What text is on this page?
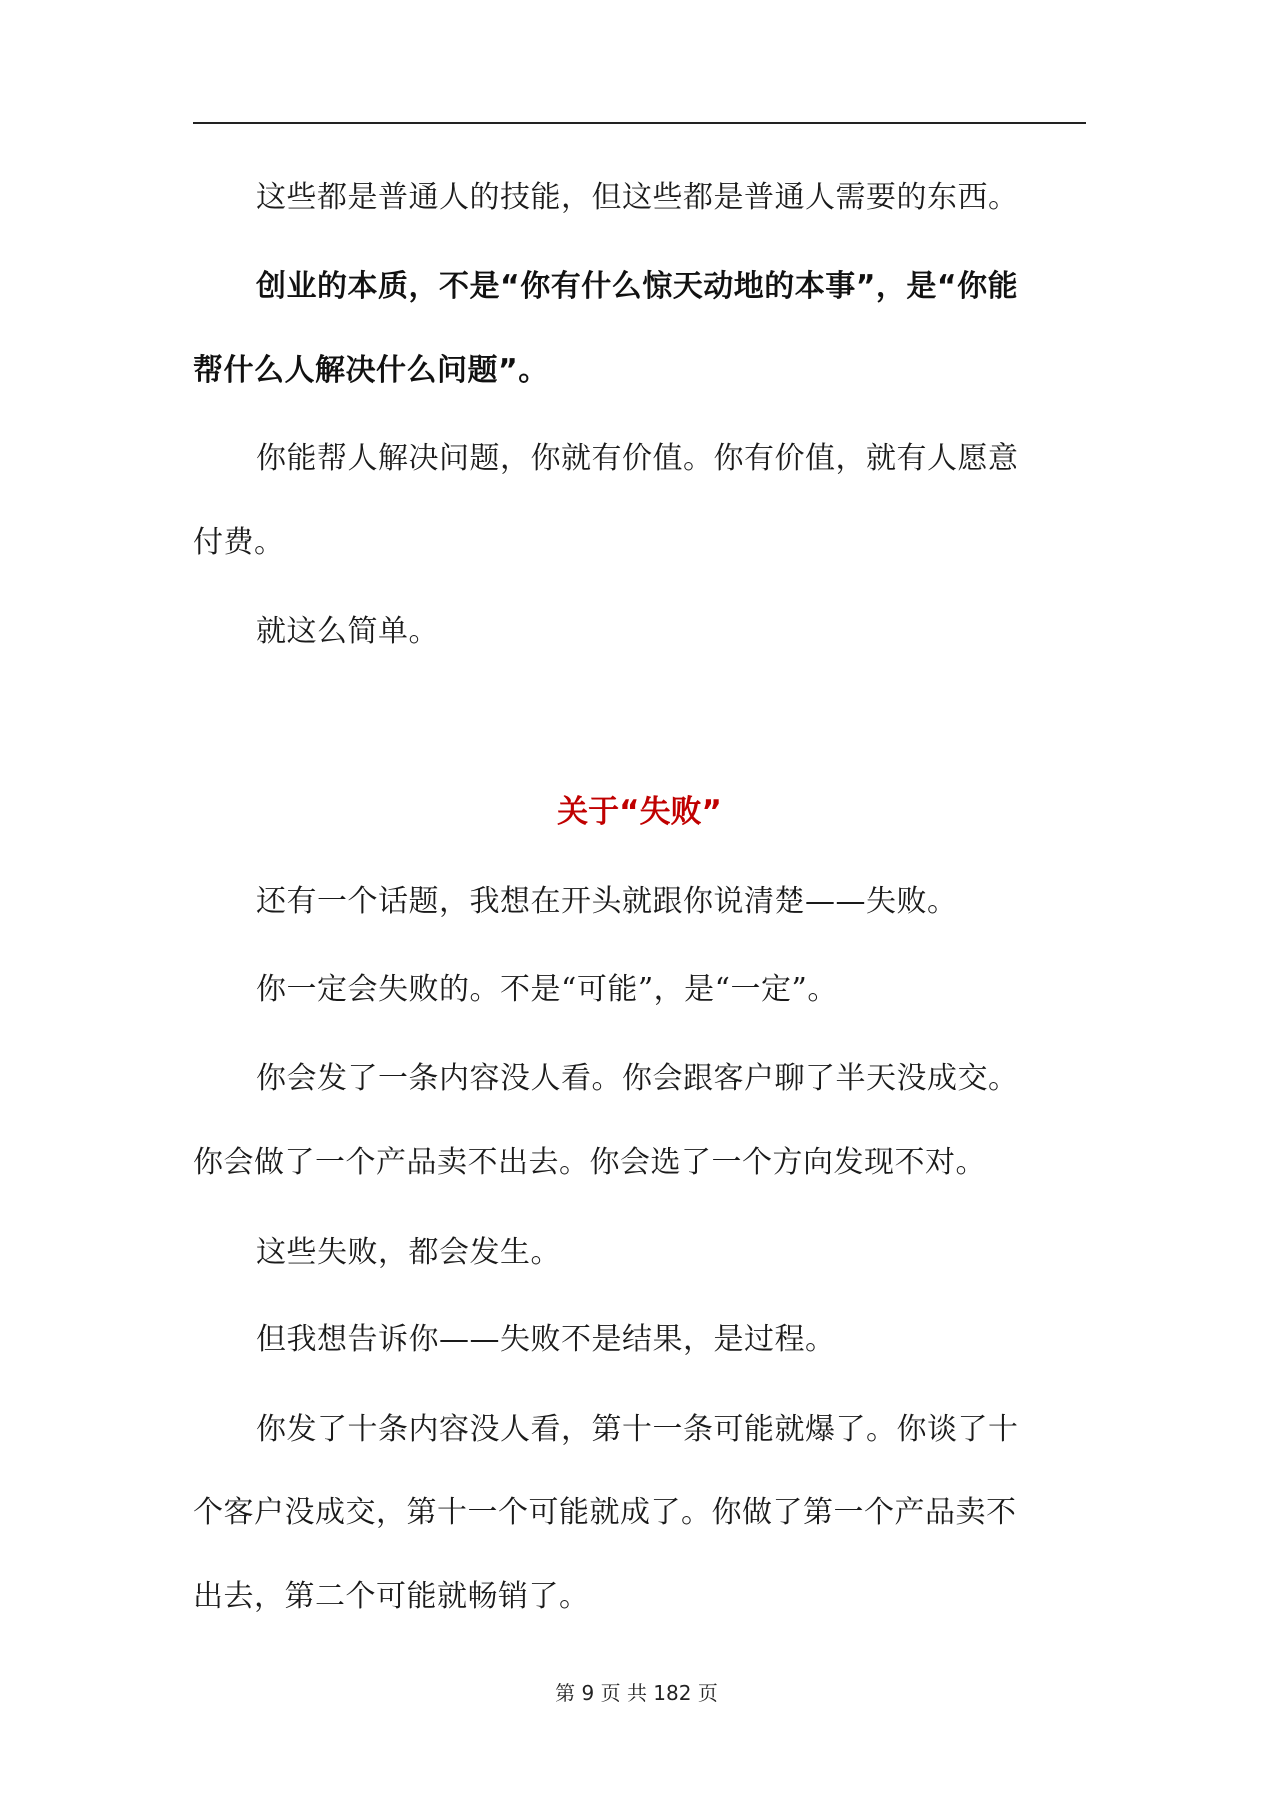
这些都是普通人的技能，但这些都是普通人需要的东西。
创业的本质，不是“你有什么惊天动地的本事”，是“你能
帮什么人解决什么问题”。
你能帮人解决问题，你就有价值。你有价值，就有人愿意
付费。
就这么简单。
关于“失败”
还有一个话题，我想在开头就跟你说清楚——失败。
你一定会失败的。不是“可能”，是“一定”。
你会发了一条内容没人看。你会跟客户聊了半天没成交。
你会做了一个产品卖不出去。你会选了一个方向发现不对。
这些失败，都会发生。
但我想告诉你——失败不是结果，是过程。
你发了十条内容没人看，第十一条可能就爆了。你谈了十
个客户没成交，第十一个可能就成了。你做了第一个产品卖不
出去，第二个可能就畅销了。
第 9 页 共 182 页
